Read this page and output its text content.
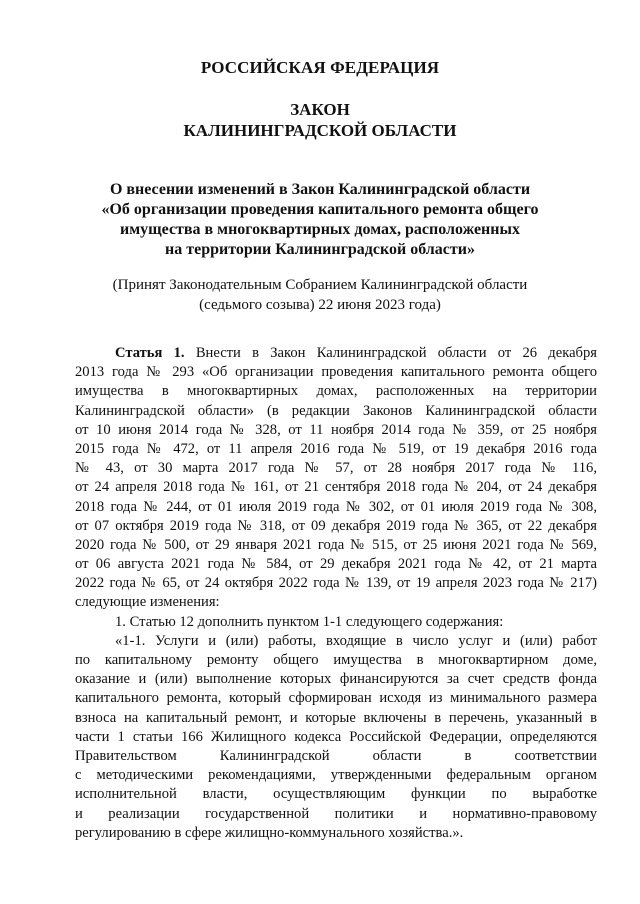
РОССИЙСКАЯ ФЕДЕРАЦИЯ
ЗАКОН
КАЛИНИНГРАДСКОЙ ОБЛАСТИ
О внесении изменений в Закон Калининградской области
«Об организации проведения капитального ремонта общего
имущества в многоквартирных домах, расположенных
на территории Калининградской области»
(Принят Законодательным Собранием Калининградской области
(седьмого созыва) 22 июня 2023 года)
Статья 1. Внести в Закон Калининградской области от 26 декабря
2013 года № 293 «Об организации проведения капитального ремонта общего
имущества в многоквартирных домах, расположенных на территории
Калининградской области» (в редакции Законов Калининградской области
от 10 июня 2014 года № 328, от 11 ноября 2014 года № 359, от 25 ноября
2015 года № 472, от 11 апреля 2016 года № 519, от 19 декабря 2016 года
№ 43, от 30 марта 2017 года № 57, от 28 ноября 2017 года № 116,
от 24 апреля 2018 года № 161, от 21 сентября 2018 года № 204, от 24 декабря
2018 года № 244, от 01 июля 2019 года № 302, от 01 июля 2019 года № 308,
от 07 октября 2019 года № 318, от 09 декабря 2019 года № 365, от 22 декабря
2020 года № 500, от 29 января 2021 года № 515, от 25 июня 2021 года № 569,
от 06 августа 2021 года № 584, от 29 декабря 2021 года № 42, от 21 марта
2022 года № 65, от 24 октября 2022 года № 139, от 19 апреля 2023 года № 217)
следующие изменения:
1. Статью 12 дополнить пунктом 1-1 следующего содержания:
«1-1. Услуги и (или) работы, входящие в число услуг и (или) работ
по капитальному ремонту общего имущества в многоквартирном доме,
оказание и (или) выполнение которых финансируются за счет средств фонда
капитального ремонта, который сформирован исходя из минимального размера
взноса на капитальный ремонт, и которые включены в перечень, указанный в
части 1 статьи 166 Жилищного кодекса Российской Федерации, определяются
Правительством Калининградской области в соответствии
с методическими рекомендациями, утвержденными федеральным органом
исполнительной власти, осуществляющим функции по выработке
и реализации государственной политики и нормативно-правовому
регулированию в сфере жилищно-коммунального хозяйства.».
